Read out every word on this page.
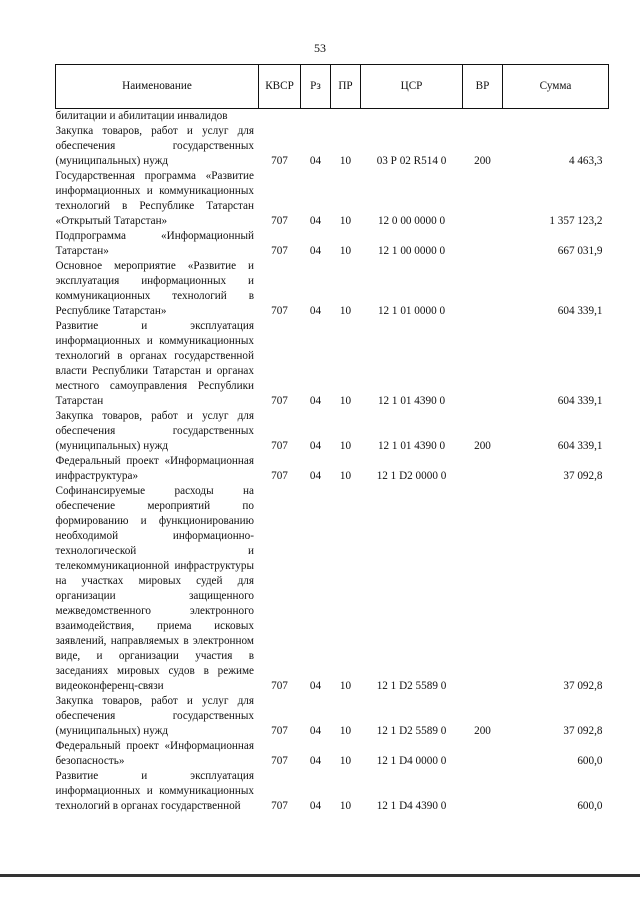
53
Наименование	КВСР	Рз	ПР	ЦСР	ВР	Сумма
билитации и абилитации инвалидов						
Закупка товаров, работ и услуг для обеспечения государственных (муниципальных) нужд	707	04	10	03 Р 02 R514 0	200	4 463,3
Государственная программа «Развитие информационных и коммуникационных технологий в Республике Татарстан «Открытый Татарстан»	707	04	10	12 0 00 0000 0		1 357 123,2
Подпрограмма «Информационный Татарстан»	707	04	10	12 1 00 0000 0		667 031,9
Основное мероприятие «Развитие и эксплуатация информационных и коммуникационных технологий в Республике Татарстан»	707	04	10	12 1 01 0000 0		604 339,1
Развитие и эксплуатация информационных и коммуникационных технологий в органах государственной власти Республики Татарстан и органах местного самоуправления Республики Татарстан	707	04	10	12 1 01 4390 0		604 339,1
Закупка товаров, работ и услуг для обеспечения государственных (муниципальных) нужд	707	04	10	12 1 01 4390 0	200	604 339,1
Федеральный проект «Информационная инфраструктура»	707	04	10	12 1 D2 0000 0		37 092,8
Софинансируемые расходы на обеспечение мероприятий по формированию и функционированию необходимой информационно-технологической и телекоммуникационной инфраструктуры на участках мировых судей для организации защищенного межведомственного электронного взаимодействия, приема исковых заявлений, направляемых в электронном виде, и организации участия в заседаниях мировых судов в режиме видеоконференц-связи	707	04	10	12 1 D2 5589 0		37 092,8
Закупка товаров, работ и услуг для обеспечения государственных (муниципальных) нужд	707	04	10	12 1 D2 5589 0	200	37 092,8
Федеральный проект «Информационная безопасность»	707	04	10	12 1 D4 0000 0		600,0
Развитие и эксплуатация информационных и коммуникационных технологий в органах государственной	707	04	10	12 1 D4 4390 0		600,0
